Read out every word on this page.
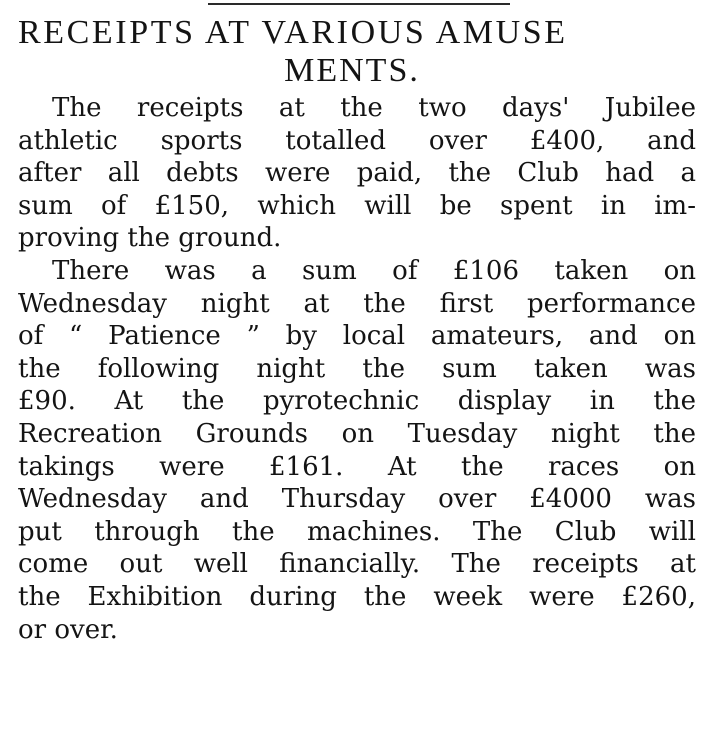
RECEIPTS AT VARIOUS AMUSE
MENTS.

The receipts at the two days' Jubilee
athletic sports totalled over £400, and
after all debts were paid, the Club had a
sum of £150, which will be spent in im-
proving the ground.

There was a sum of £106 taken on
Wednesday night at the first performance
of “ Patience ” by local amateurs, and on
the following night the sum taken was
£90. At the pyrotechnic display in the
Recreation Grounds on Tuesday night the
takings were £161. At the races on
Wednesday and Thursday over £4000 was
put through the machines. The Club will
come out well financially. The receipts at
the Exhibition during the week were £260,
or over.
